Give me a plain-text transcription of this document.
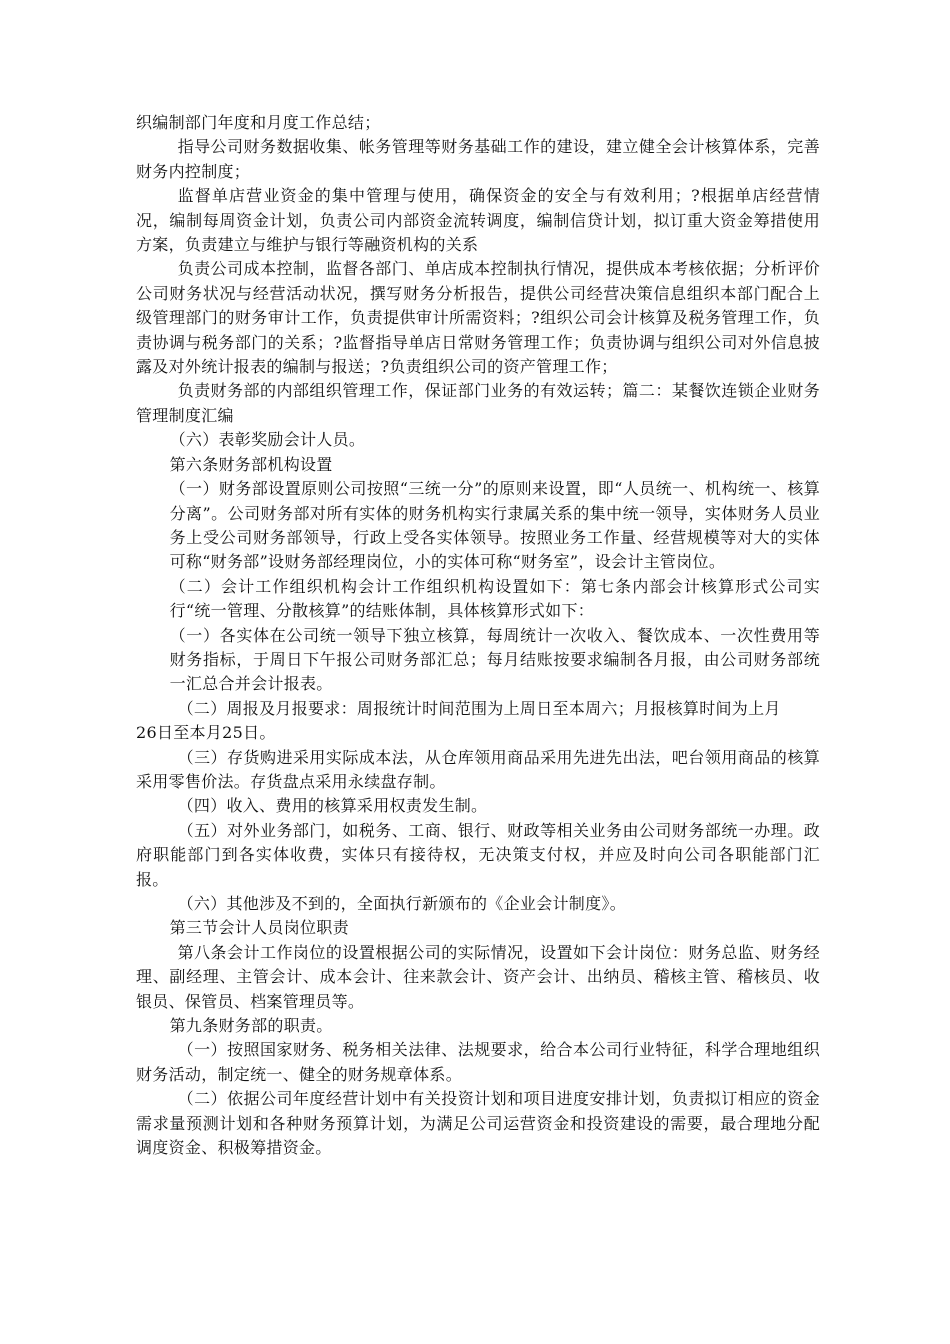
织编制部门年度和月度工作总结；

指导公司财务数据收集、帐务管理等财务基础工作的建设，建立健全会计核算体系，完善财务内控制度；

监督单店营业资金的集中管理与使用，确保资金的安全与有效利用；?根据单店经营情况，编制每周资金计划，负责公司内部资金流转调度，编制信贷计划，拟订重大资金筹措使用方案，负责建立与维护与银行等融资机构的关系

负责公司成本控制，监督各部门、单店成本控制执行情况，提供成本考核依据；分析评价公司财务状况与经营活动状况，撰写财务分析报告，提供公司经营决策信息组织本部门配合上级管理部门的财务审计工作，负责提供审计所需资料；?组织公司会计核算及税务管理工作，负责协调与税务部门的关系；?监督指导单店日常财务管理工作；负责协调与组织公司对外信息披露及对外统计报表的编制与报送；?负责组织公司的资产管理工作；

负责财务部的内部组织管理工作，保证部门业务的有效运转；篇二：某餐饮连锁企业财务管理制度汇编

（六）表彰奖励会计人员。

第六条财务部机构设置

（一）财务部设置原则公司按照“三统一分”的原则来设置，即“人员统一、机构统一、核算分离”。公司财务部对所有实体的财务机构实行隶属关系的集中统一领导，实体财务人员业务上受公司财务部领导，行政上受各实体领导。按照业务工作量、经营规模等对大的实体可称“财务部”设财务部经理岗位，小的实体可称“财务室”，设会计主管岗位。

（二）会计工作组织机构会计工作组织机构设置如下：第七条内部会计核算形式公司实行“统一管理、分散核算”的结账体制，具体核算形式如下：

（一）各实体在公司统一领导下独立核算，每周统计一次收入、餐饮成本、一次性费用等财务指标，于周日下午报公司财务部汇总；每月结账按要求编制各月报，由公司财务部统一汇总合并会计报表。

（二）周报及月报要求：周报统计时间范围为上周日至本周六；月报核算时间为上月

26日至本月25日。

（三）存货购进采用实际成本法，从仓库领用商品采用先进先出法，吧台领用商品的核算采用零售价法。存货盘点采用永续盘存制。

（四）收入、费用的核算采用权责发生制。

（五）对外业务部门，如税务、工商、银行、财政等相关业务由公司财务部统一办理。政府职能部门到各实体收费，实体只有接待权，无决策支付权，并应及时向公司各职能部门汇报。

（六）其他涉及不到的，全面执行新颁布的《企业会计制度》。

第三节会计人员岗位职责

第八条会计工作岗位的设置根据公司的实际情况，设置如下会计岗位：财务总监、财务经理、副经理、主管会计、成本会计、往来款会计、资产会计、出纳员、稽核主管、稽核员、收银员、保管员、档案管理员等。

第九条财务部的职责。

（一）按照国家财务、税务相关法律、法规要求，给合本公司行业特征，科学合理地组织财务活动，制定统一、健全的财务规章体系。

（二）依据公司年度经营计划中有关投资计划和项目进度安排计划，负责拟订相应的资金需求量预测计划和各种财务预算计划，为满足公司运营资金和投资建设的需要，最合理地分配调度资金、积极筹措资金。
